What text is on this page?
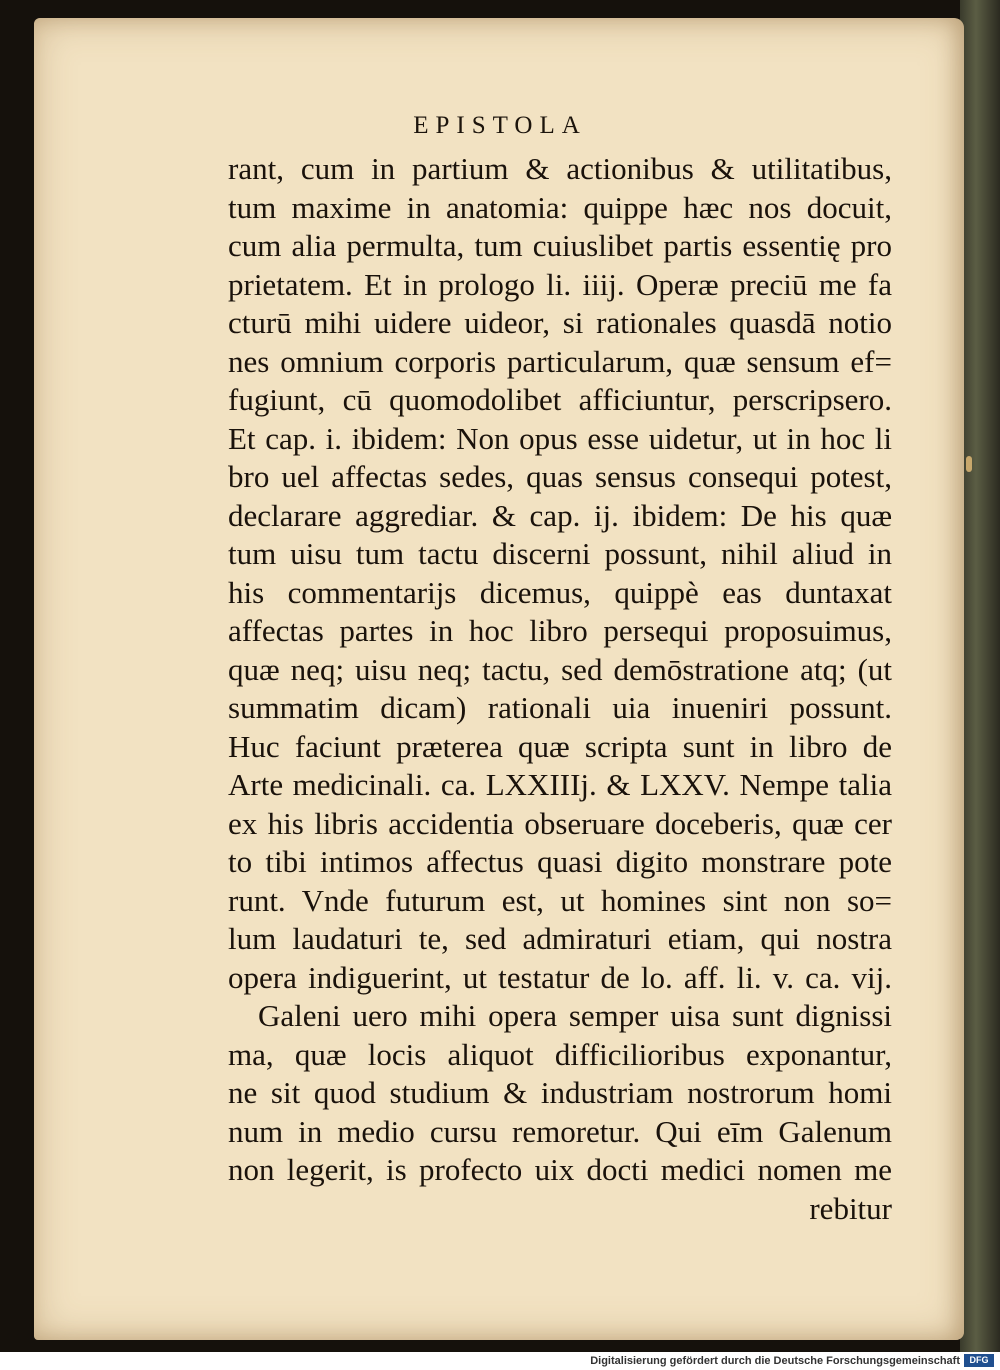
EPISTOLA
rant, cum in partium & actionibus & utilitatibus,
tum maxime in anatomia: quippe hæc nos docuit,
cum alia permulta, tum cuiuslibet partis essentię pro
prietatem. Et in prologo li. iiij. Operæ preciū me fa
cturū mihi uidere uideor, si rationales quasdā notio
nes omnium corporis particularum, quæ sensum ef=
fugiunt, cū quomodolibet afficiuntur, perscripsero.
Et cap. i. ibidem: Non opus esse uidetur, ut in hoc li
bro uel affectas sedes, quas sensus consequi potest,
declarare aggrediar. & cap. ij. ibidem: De his quæ
tum uisu tum tactu discerni possunt, nihil aliud in
his commentarijs dicemus, quippè eas duntaxat
affectas partes in hoc libro persequi proposuimus,
quæ neq; uisu neq; tactu, sed demōstratione atq; (ut
summatim dicam) rationali uia inueniri possunt.
Huc faciunt præterea quæ scripta sunt in libro de
Arte medicinali. ca. LXXIIIj. & LXXV. Nempe talia
ex his libris accidentia obseruare doceberis, quæ cer
to tibi intimos affectus quasi digito monstrare pote
runt. Vnde futurum est, ut homines sint non so=
lum laudaturi te, sed admiraturi etiam, qui nostra
opera indiguerint, ut testatur de lo. aff. li. v. ca. vij.
Galeni uero mihi opera semper uisa sunt dignissi
ma, quæ locis aliquot difficilioribus exponantur,
ne sit quod studium & industriam nostrorum homi
num in medio cursu remoretur. Qui eīm Galenum
non legerit, is profecto uix docti medici nomen me
rebitur
Digitalisierung gefördert durch die Deutsche Forschungsgemeinschaft	DFG
